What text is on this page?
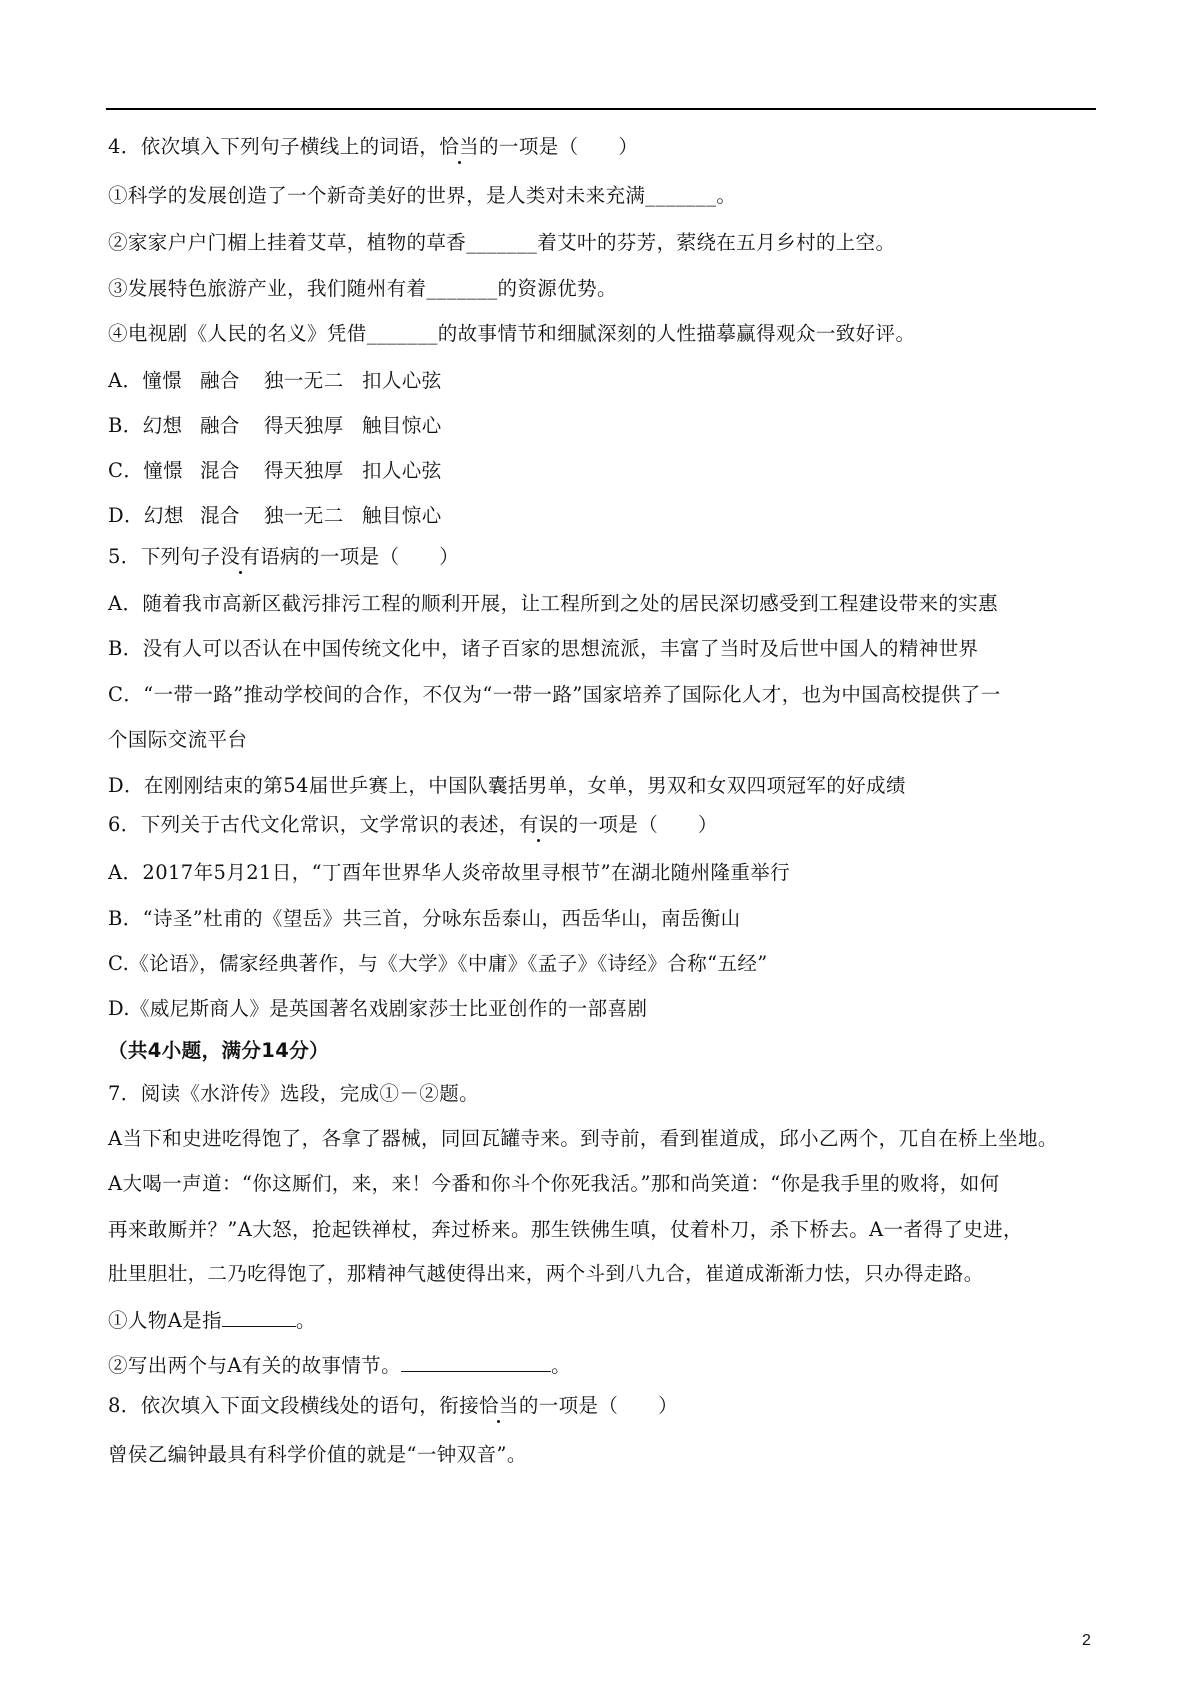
4．依次填入下列句子横线上的词语，恰当的一项是（　　）
①科学的发展创造了一个新奇美好的世界，是人类对未来充满_______。
②家家户户门楣上挂着艾草，植物的草香_______着艾叶的芬芳，萦绕在五月乡村的上空。
③发展特色旅游产业，我们随州有着_______的资源优势。
④电视剧《人民的名义》凭借_______的故事情节和细腻深刻的人性描摹赢得观众一致好评。
A．憧憬 融合 独一无二 扣人心弦
B．幻想 融合 得天独厚 触目惊心
C．憧憬 混合 得天独厚 扣人心弦
D．幻想 混合 独一无二 触目惊心
5．下列句子没有语病的一项是（　　）
A．随着我市高新区截污排污工程的顺利开展，让工程所到之处的居民深切感受到工程建设带来的实惠
B．没有人可以否认在中国传统文化中，诸子百家的思想流派，丰富了当时及后世中国人的精神世界
C．“一带一路”推动学校间的合作，不仅为“一带一路”国家培养了国际化人才，也为中国高校提供了一
个国际交流平台
D．在刚刚结束的第54届世乒赛上，中国队囊括男单，女单，男双和女双四项冠军的好成绩
6．下列关于古代文化常识，文学常识的表述，有误的一项是（　　）
A．2017年5月21日，“丁酉年世界华人炎帝故里寻根节”在湖北随州隆重举行
B．“诗圣”杜甫的《望岳》共三首，分咏东岳泰山，西岳华山，南岳衡山
C.《论语》，儒家经典著作，与《大学》《中庸》《孟子》《诗经》合称“五经”
D.《威尼斯商人》是英国著名戏剧家莎士比亚创作的一部喜剧
（共4小题，满分14分）
7．阅读《水浒传》选段，完成①－②题。
A当下和史进吃得饱了，各拿了器械，同回瓦罐寺来。到寺前，看到崔道成，邱小乙两个，兀自在桥上坐地。
A大喝一声道：“你这厮们，来，来！今番和你斗个你死我活。”那和尚笑道：“你是我手里的败将，如何
再来敢厮并？”A大怒，抢起铁禅杖，奔过桥来。那生铁佛生嗔，仗着朴刀，杀下桥去。A一者得了史进，
肚里胆壮，二乃吃得饱了，那精神气越使得出来，两个斗到八九合，崔道成渐渐力怯，只办得走路。
①人物A是指	。
②写出两个与A有关的故事情节。	。
8．依次填入下面文段横线处的语句，衔接恰当的一项是（　　）
曾侯乙编钟最具有科学价值的就是“一钟双音”。
2
